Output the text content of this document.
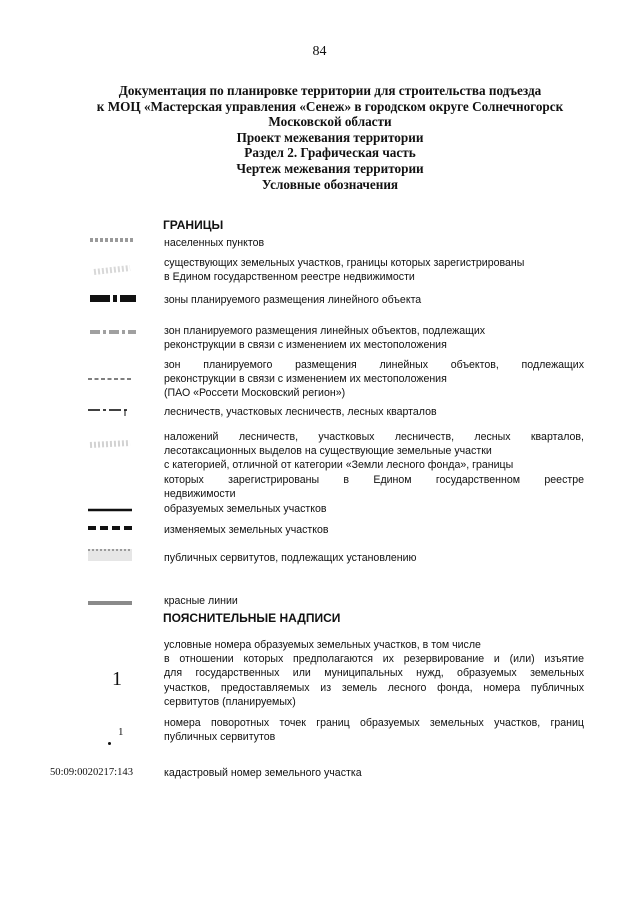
84
Документация по планировке территории для строительства подъезда
к МОЦ «Мастерская управления «Сенеж» в городском округе Солнечногорск
Московской области
Проект межевания территории
Раздел 2. Графическая часть
Чертеж межевания территории
Условные обозначения
ГРАНИЦЫ
населенных пунктов
существующих земельных участков, границы которых зарегистрированы
в Едином государственном реестре недвижимости
зоны планируемого размещения линейного объекта
зон планируемого размещения линейных объектов, подлежащих
реконструкции в связи с изменением их местоположения
зон планируемого размещения линейных объектов, подлежащих
реконструкции в связи с изменением их местоположения
(ПАО «Россети Московский регион»)
лесничеств, участковых лесничеств, лесных кварталов
наложений лесничеств, участковых лесничеств, лесных кварталов,
лесотаксационных выделов на существующие земельные участки
с категорией, отличной от категории «Земли лесного фонда», границы
которых зарегистрированы в Едином государственном реестре
недвижимости
образуемых земельных участков
изменяемых земельных участков
публичных сервитутов, подлежащих установлению
красные линии
ПОЯСНИТЕЛЬНЫЕ НАДПИСИ
1
условные номера образуемых земельных участков, в том числе
в отношении которых предполагаются их резервирование и (или) изъятие
для государственных или муниципальных нужд, образуемых земельных
участков, предоставляемых из земель лесного фонда, номера публичных
сервитутов (планируемых)
1
номера поворотных точек границ образуемых земельных участков, границ
публичных сервитутов
50:09:0020217:143	кадастровый номер земельного участка
